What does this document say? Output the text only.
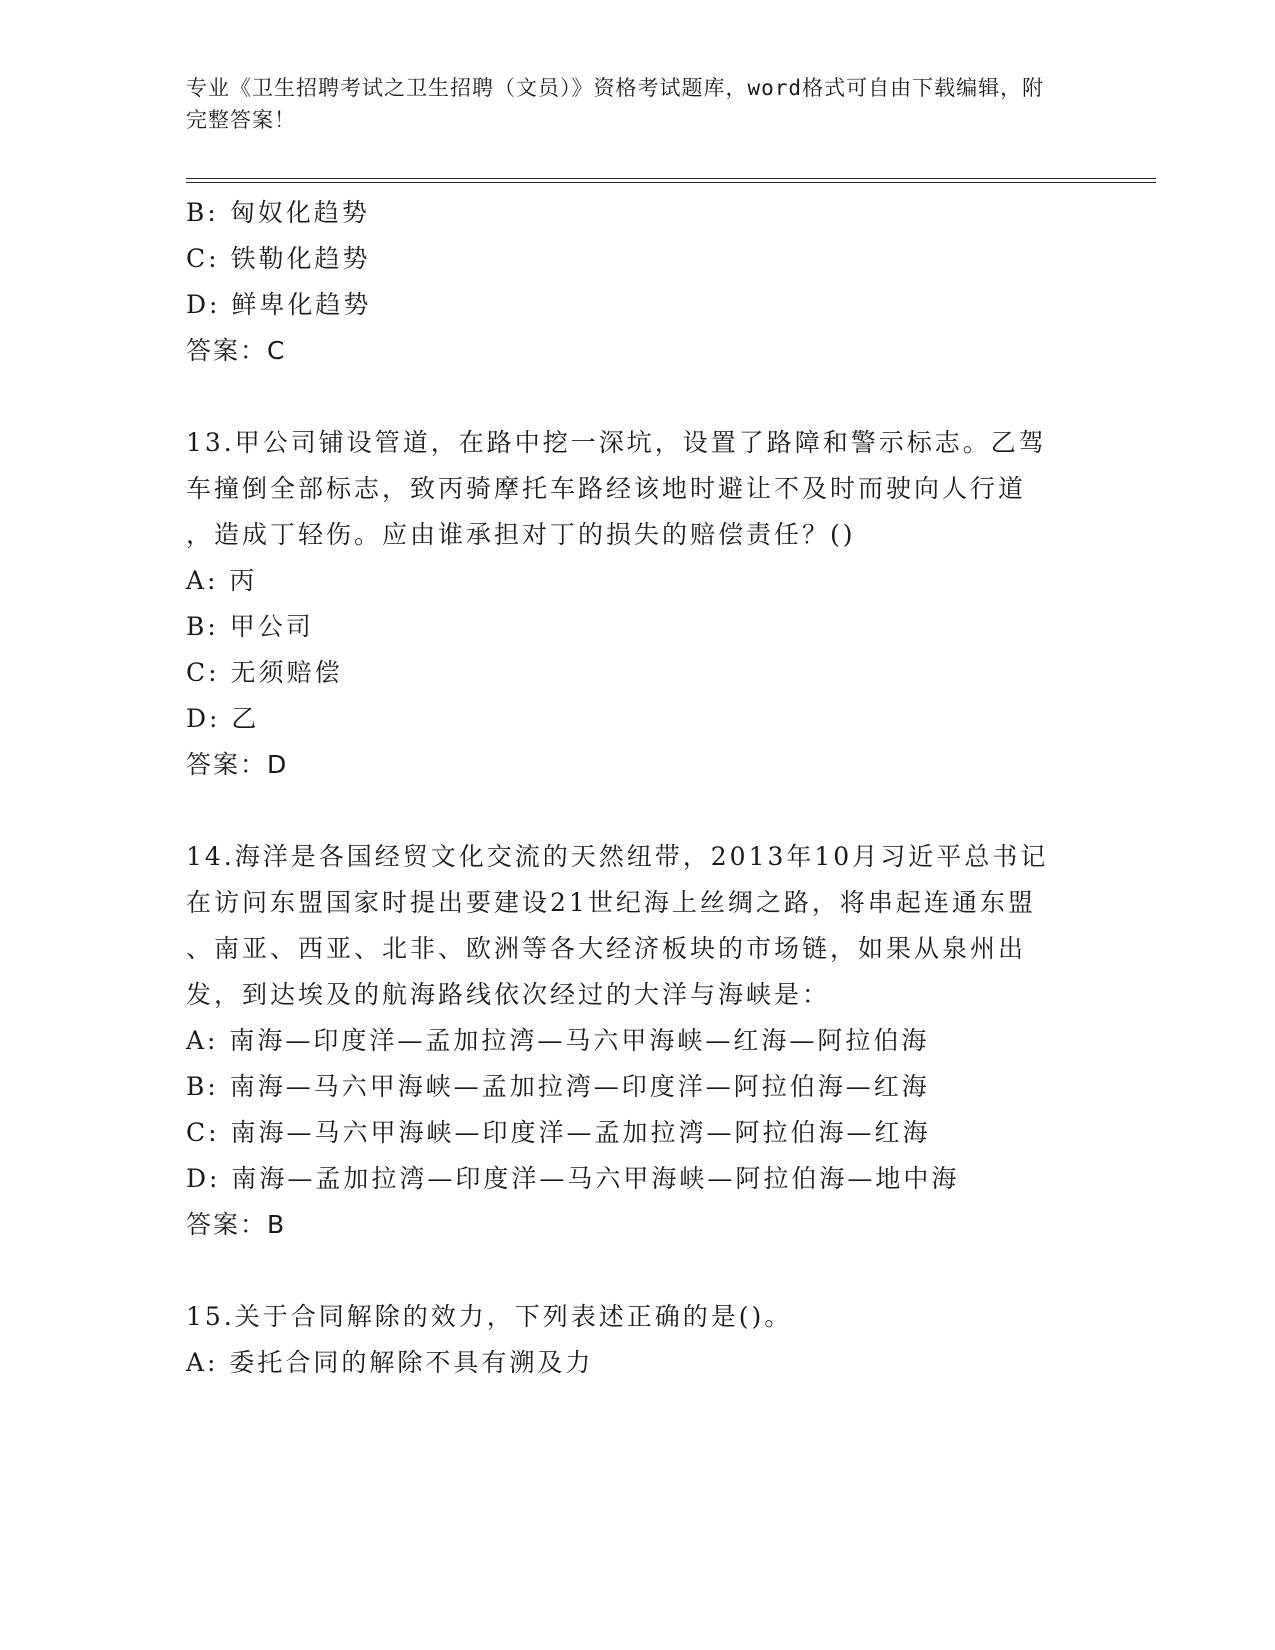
专业《卫生招聘考试之卫生招聘（文员）》资格考试题库，word格式可自由下载编辑，附完整答案！
B: 匈奴化趋势
C: 铁勒化趋势
D: 鲜卑化趋势
答案：C
13.甲公司铺设管道，在路中挖一深坑，设置了路障和警示标志。乙驾
车撞倒全部标志，致丙骑摩托车路经该地时避让不及时而驶向人行道
，造成丁轻伤。应由谁承担对丁的损失的赔偿责任？()
A: 丙
B: 甲公司
C: 无须赔偿
D: 乙
答案：D
14.海洋是各国经贸文化交流的天然纽带，2013年10月习近平总书记
在访问东盟国家时提出要建设21世纪海上丝绸之路，将串起连通东盟
、南亚、西亚、北非、欧洲等各大经济板块的市场链，如果从泉州出
发，到达埃及的航海路线依次经过的大洋与海峡是：
A: 南海—印度洋—孟加拉湾—马六甲海峡—红海—阿拉伯海
B: 南海—马六甲海峡—孟加拉湾—印度洋—阿拉伯海—红海
C: 南海—马六甲海峡—印度洋—孟加拉湾—阿拉伯海—红海
D: 南海—孟加拉湾—印度洋—马六甲海峡—阿拉伯海—地中海
答案：B
15.关于合同解除的效力，下列表述正确的是()。
A: 委托合同的解除不具有溯及力
